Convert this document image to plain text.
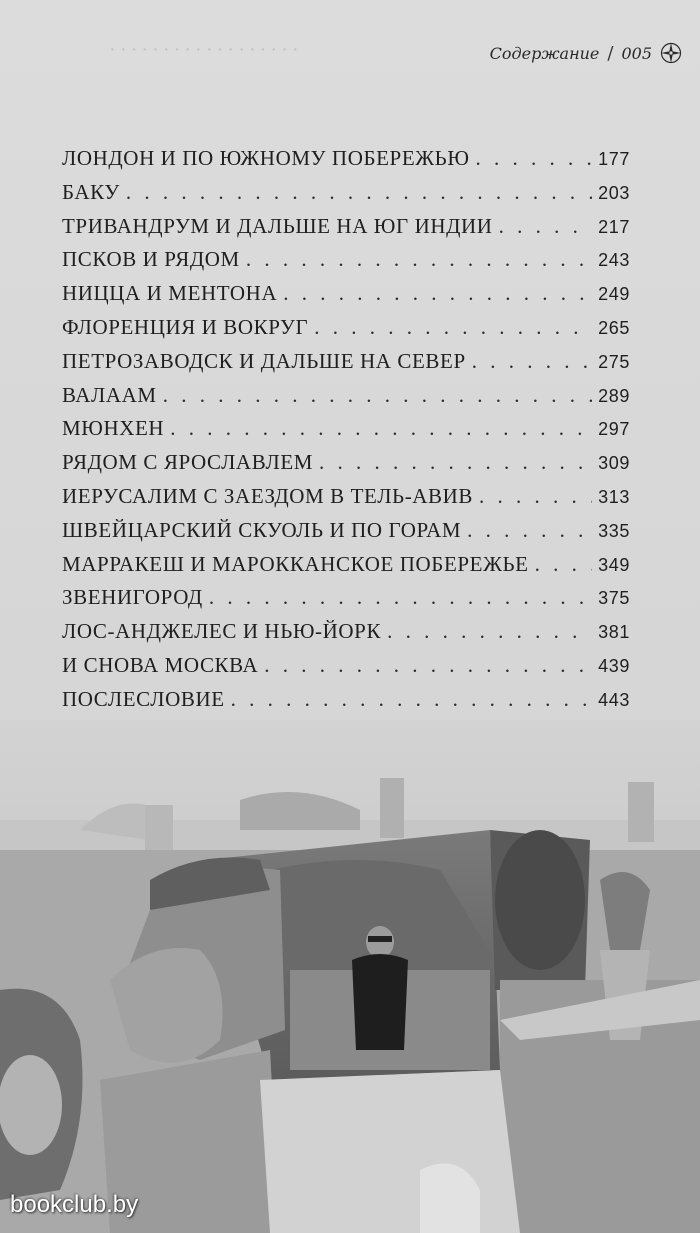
· · · · · · · · · · · · · · · · · ·	Содержание / 005
ЛОНДОН И ПО ЮЖНОМУ ПОБЕРЕЖЬЮ . . .	177
БАКУ . . .	203
ТРИВАНДРУМ И ДАЛЬШЕ НА ЮГ ИНДИИ . . .	217
ПСКОВ И РЯДОМ . . .	243
НИЦЦА И МЕНТОНА . . .	249
ФЛОРЕНЦИЯ И ВОКРУГ . . .	265
ПЕТРОЗАВОДСК И ДАЛЬШЕ НА СЕВЕР . . .	275
ВАЛААМ . . .	289
МЮНХЕН . . .	297
РЯДОМ С ЯРОСЛАВЛЕМ . . .	309
ИЕРУСАЛИМ С ЗАЕЗДОМ В ТЕЛЬ-АВИВ . . .	313
ШВЕЙЦАРСКИЙ СКУОЛЬ И ПО ГОРАМ . . .	335
МАРРАКЕШ И МАРОККАНСКОЕ ПОБЕРЕЖЬЕ . . .	349
ЗВЕНИГОРОД . . .	375
ЛОС-АНДЖЕЛЕС И НЬЮ-ЙОРК . . .	381
И СНОВА МОСКВА . . .	439
ПОСЛЕСЛОВИЕ . . .	443
bookclub.by
